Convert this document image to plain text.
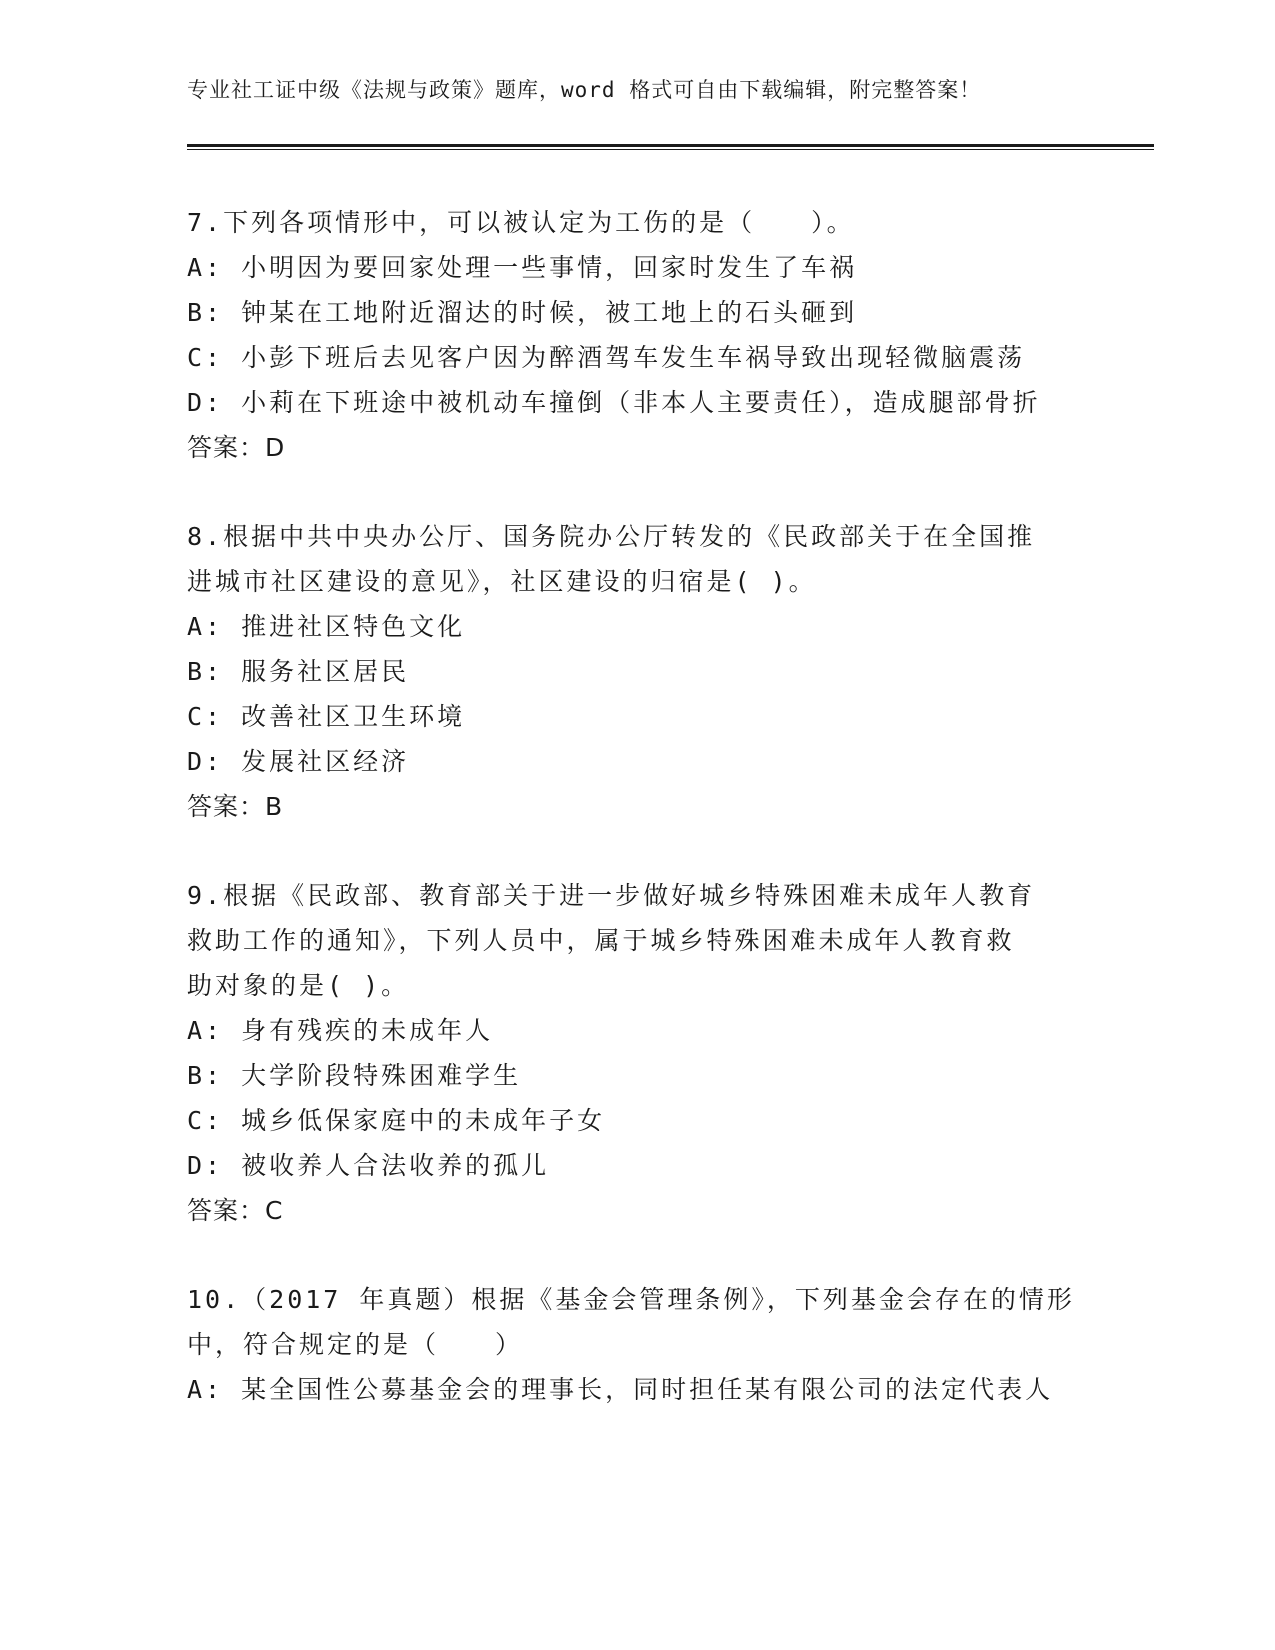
专业社工证中级《法规与政策》题库，word 格式可自由下载编辑，附完整答案！
7.下列各项情形中，可以被认定为工伤的是（　　）。
A: 小明因为要回家处理一些事情，回家时发生了车祸
B: 钟某在工地附近溜达的时候，被工地上的石头砸到
C: 小彭下班后去见客户因为醉酒驾车发生车祸导致出现轻微脑震荡
D: 小莉在下班途中被机动车撞倒（非本人主要责任），造成腿部骨折
答案：D
8.根据中共中央办公厅、国务院办公厅转发的《民政部关于在全国推
进城市社区建设的意见》，社区建设的归宿是( )。
A: 推进社区特色文化
B: 服务社区居民
C: 改善社区卫生环境
D: 发展社区经济
答案：B
9.根据《民政部、教育部关于进一步做好城乡特殊困难未成年人教育
救助工作的通知》，下列人员中，属于城乡特殊困难未成年人教育救
助对象的是( )。
A: 身有残疾的未成年人
B: 大学阶段特殊困难学生
C: 城乡低保家庭中的未成年子女
D: 被收养人合法收养的孤儿
答案：C
10.（2017 年真题）根据《基金会管理条例》，下列基金会存在的情形
中，符合规定的是（　　）
A: 某全国性公募基金会的理事长，同时担任某有限公司的法定代表人
